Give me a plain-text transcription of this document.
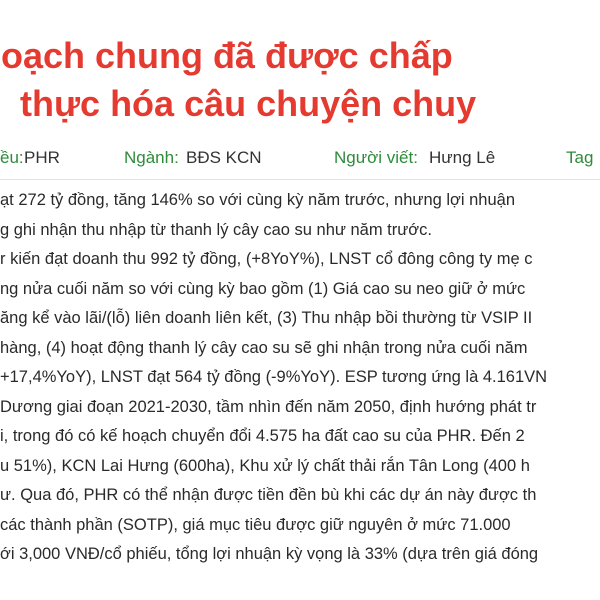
oạch chung đã được chấp
thực hóa câu chuyện chuy
ều: PHR	Ngành: BĐS KCN	Người viết: Hưng Lê	Tag
ạt 272 tỷ đồng, tăng 146% so với cùng kỳ năm trước, nhưng lợi nhuận
g ghi nhận thu nhập từ thanh lý cây cao su như năm trước.
r kiến đạt doanh thu 992 tỷ đồng, (+8YoY%), LNST cổ đông công ty mẹ c
ng nửa cuối năm so với cùng kỳ bao gồm (1) Giá cao su neo giữ ở mức
ăng kể vào lãi/(lỗ) liên doanh liên kết, (3) Thu nhập bồi thường từ VSIP II
hàng, (4) hoạt động thanh lý cây cao su sẽ ghi nhận trong nửa cuối năm
+17,4%YoY), LNST đạt 564 tỷ đồng (-9%YoY). ESP tương ứng là 4.161VN
Dương giai đoạn 2021-2030, tầm nhìn đến năm 2050, định hướng phát tr
i, trong đó có kế hoạch chuyển đổi 4.575 ha đất cao su của PHR. Đến 2
u 51%), KCN Lai Hưng (600ha), Khu xử lý chất thải rắn Tân Long (400 h
ư. Qua đó, PHR có thể nhận được tiền đền bù khi các dự án này được th
các thành phần (SOTP), giá mục tiêu được giữ nguyên ở mức 71.000
ới 3,000 VNĐ/cổ phiếu, tổng lợi nhuận kỳ vọng là 33% (dựa trên giá đóng
